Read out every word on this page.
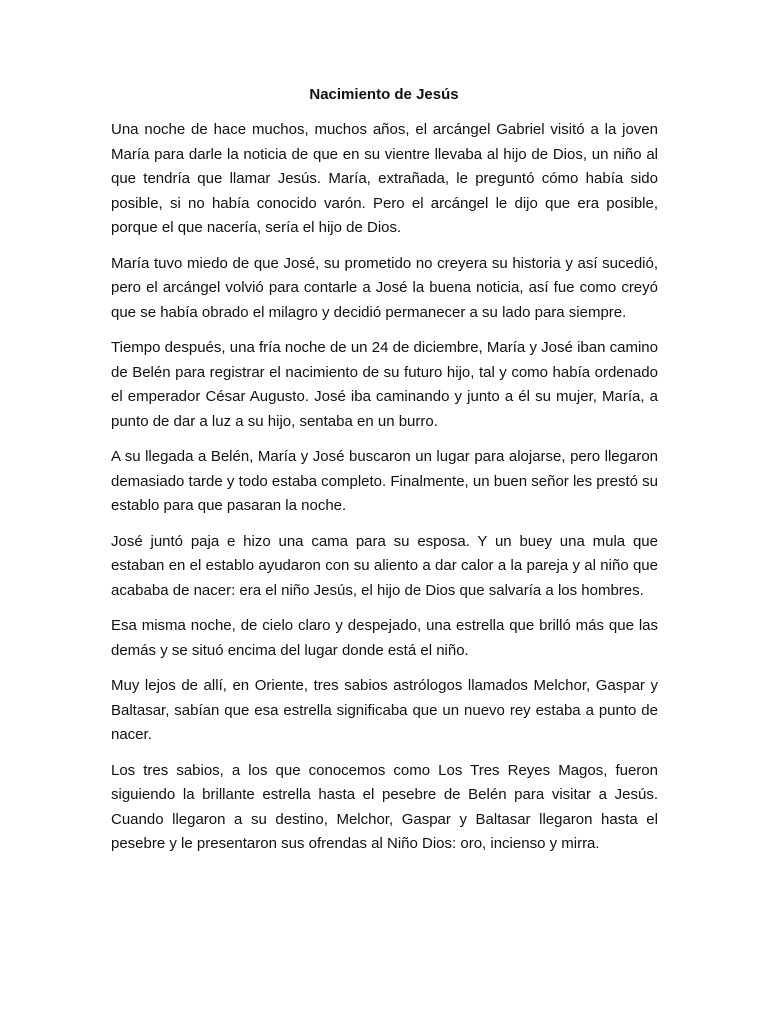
Nacimiento de Jesús

Una noche de hace muchos, muchos años, el arcángel Gabriel visitó a la joven María para darle la noticia de que en su vientre llevaba al hijo de Dios, un niño al que tendría que llamar Jesús. María, extrañada, le preguntó cómo había sido posible, si no había conocido varón. Pero el arcángel le dijo que era posible, porque el que nacería, sería el hijo de Dios.

María tuvo miedo de que José, su prometido no creyera su historia y así sucedió, pero el arcángel volvió para contarle a José la buena noticia, así fue como creyó que se había obrado el milagro y decidió permanecer a su lado para siempre.

Tiempo después, una fría noche de un 24 de diciembre, María y José iban camino de Belén para registrar el nacimiento de su futuro hijo, tal y como había ordenado el emperador César Augusto. José iba caminando y junto a él su mujer, María, a punto de dar a luz a su hijo, sentaba en un burro.

A su llegada a Belén, María y José buscaron un lugar para alojarse, pero llegaron demasiado tarde y todo estaba completo. Finalmente, un buen señor les prestó su establo para que pasaran la noche.

José juntó paja e hizo una cama para su esposa. Y un buey una mula que estaban en el establo ayudaron con su aliento a dar calor a la pareja y al niño que acababa de nacer: era el niño Jesús, el hijo de Dios que salvaría a los hombres.

Esa misma noche, de cielo claro y despejado, una estrella que brilló más que las demás y se situó encima del lugar donde está el niño.

Muy lejos de allí, en Oriente, tres sabios astrólogos llamados Melchor, Gaspar y Baltasar, sabían que esa estrella significaba que un nuevo rey estaba a punto de nacer.

Los tres sabios, a los que conocemos como Los Tres Reyes Magos, fueron siguiendo la brillante estrella hasta el pesebre de Belén para visitar a Jesús. Cuando llegaron a su destino, Melchor, Gaspar y Baltasar llegaron hasta el pesebre y le presentaron sus ofrendas al Niño Dios: oro, incienso y mirra.
